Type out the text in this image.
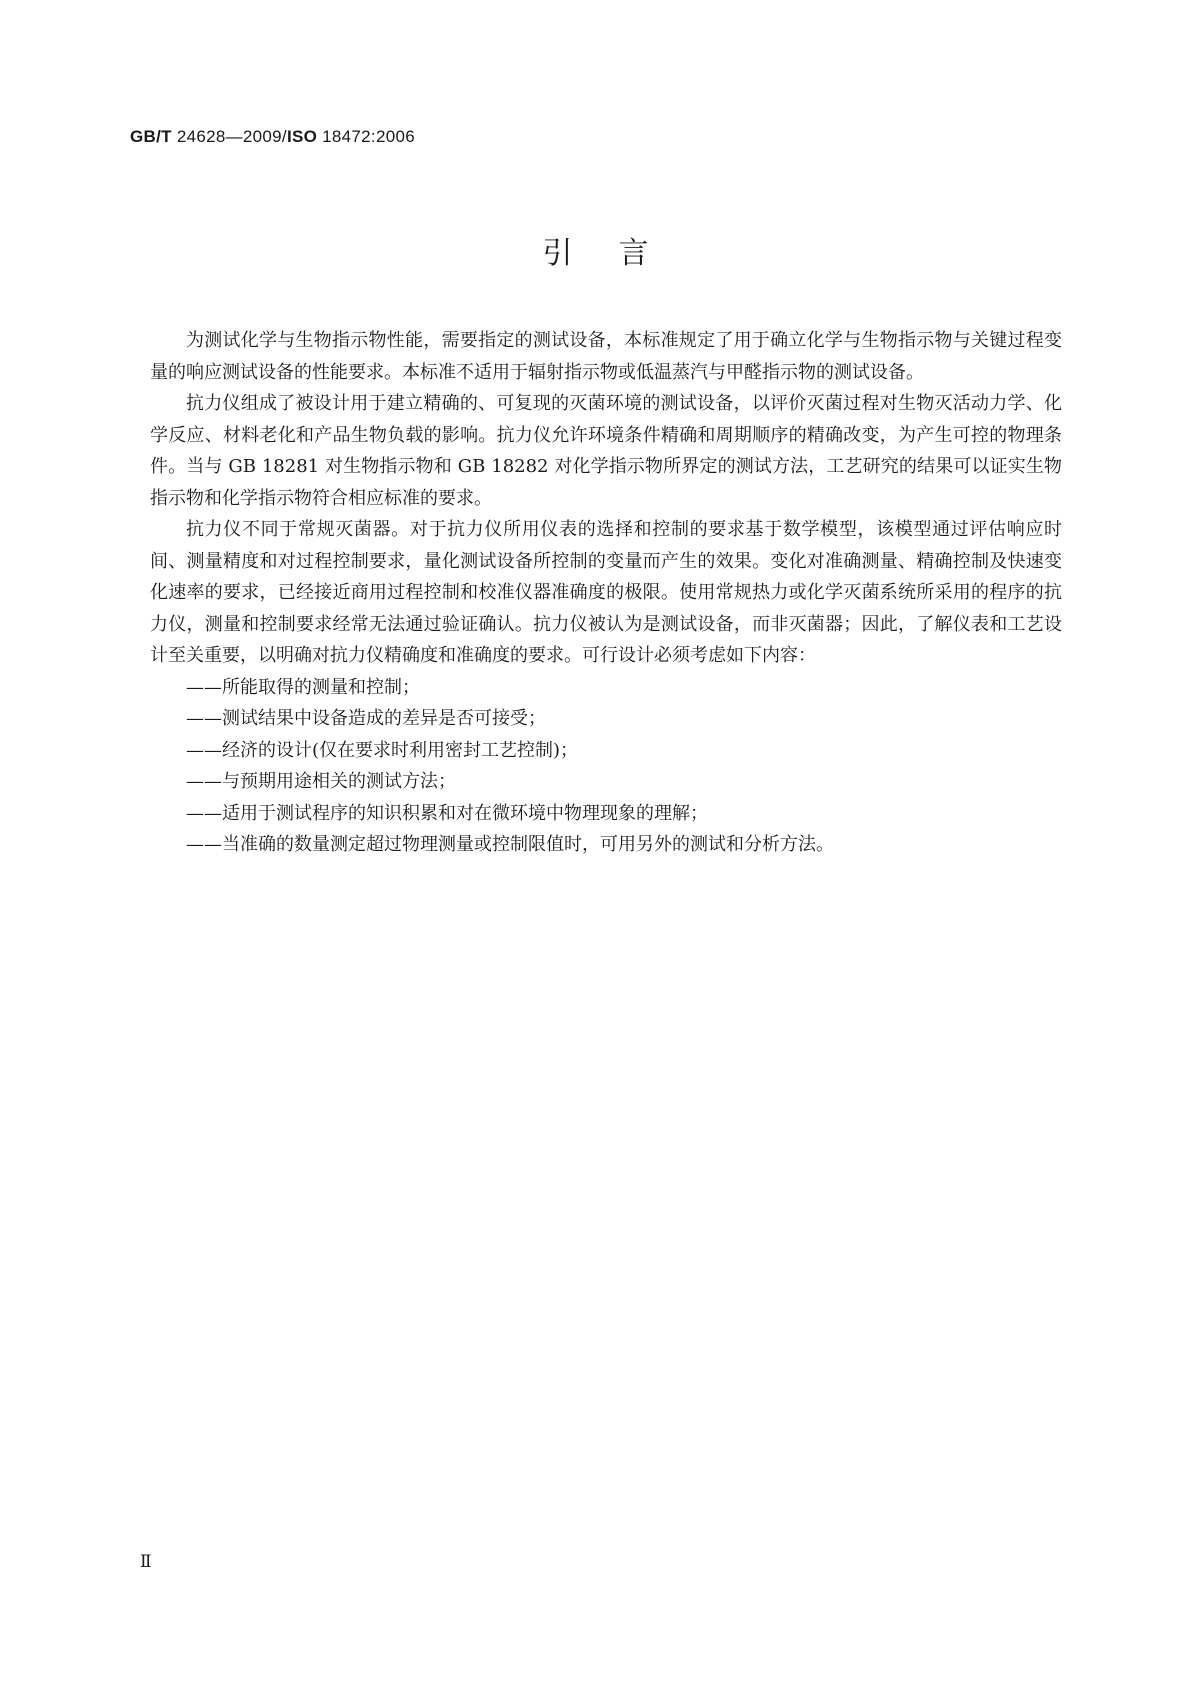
GB/T 24628—2009/ISO 18472:2006
引言

为测试化学与生物指示物性能，需要指定的测试设备，本标准规定了用于确立化学与生物指示物与关键过程变量的响应测试设备的性能要求。本标准不适用于辐射指示物或低温蒸汽与甲醛指示物的测试设备。

抗力仪组成了被设计用于建立精确的、可复现的灭菌环境的测试设备，以评价灭菌过程对生物灭活动力学、化学反应、材料老化和产品生物负载的影响。抗力仪允许环境条件精确和周期顺序的精确改变，为产生可控的物理条件。当与 GB 18281 对生物指示物和 GB 18282 对化学指示物所界定的测试方法，工艺研究的结果可以证实生物指示物和化学指示物符合相应标准的要求。

抗力仪不同于常规灭菌器。对于抗力仪所用仪表的选择和控制的要求基于数学模型，该模型通过评估响应时间、测量精度和对过程控制要求，量化测试设备所控制的变量而产生的效果。变化对准确测量、精确控制及快速变化速率的要求，已经接近商用过程控制和校准仪器准确度的极限。使用常规热力或化学灭菌系统所采用的程序的抗力仪，测量和控制要求经常无法通过验证确认。抗力仪被认为是测试设备，而非灭菌器；因此，了解仪表和工艺设计至关重要，以明确对抗力仪精确度和准确度的要求。可行设计必须考虑如下内容：

——所能取得的测量和控制；
——测试结果中设备造成的差异是否可接受；
——经济的设计(仅在要求时利用密封工艺控制)；
——与预期用途相关的测试方法；
——适用于测试程序的知识积累和对在微环境中物理现象的理解；
——当准确的数量测定超过物理测量或控制限值时，可用另外的测试和分析方法。
Ⅱ
